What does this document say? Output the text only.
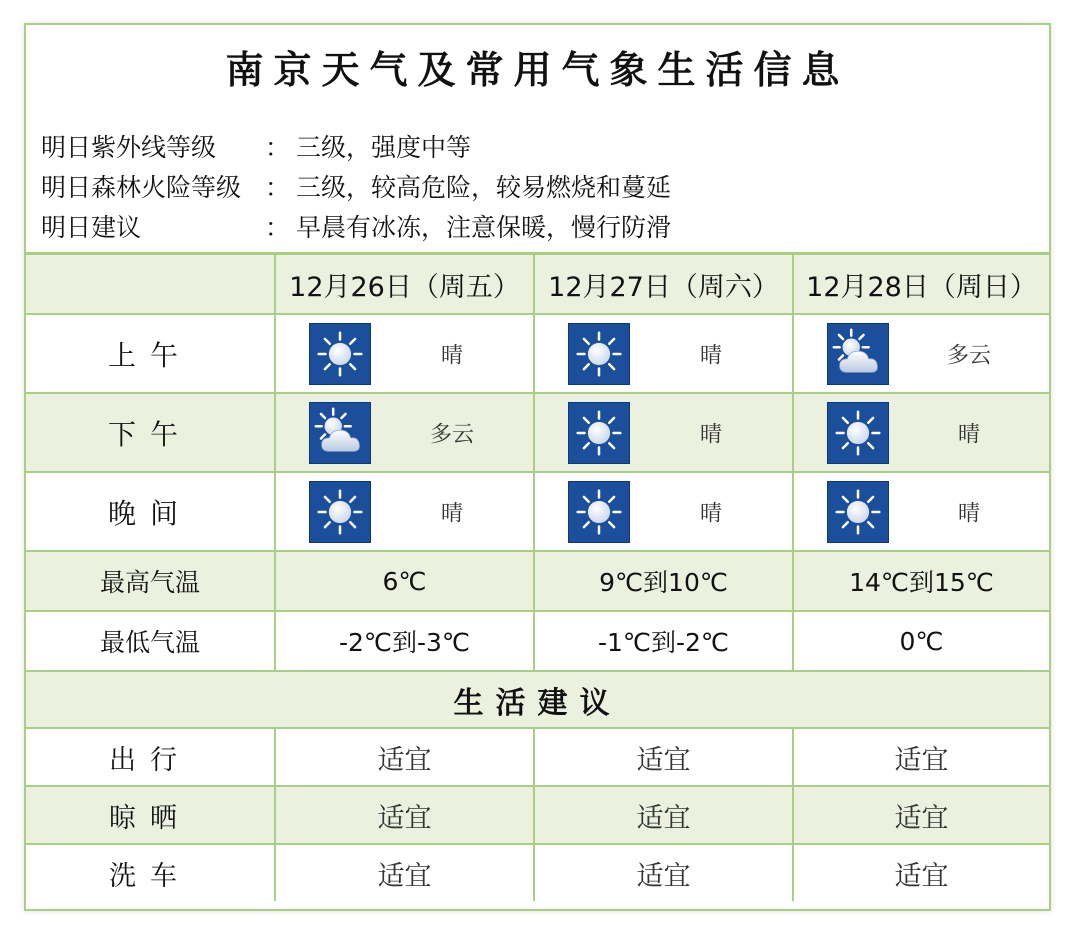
南京天气及常用气象生活信息
明日紫外线等级 ： 三级，强度中等
明日森林火险等级 ： 三级，较高危险，较易燃烧和蔓延
明日建议	： 早晨有冰冻，注意保暖，慢行防滑
	12月26日（周五）	12月27日（周六）	12月28日（周日）
上午	晴	晴	多云

下午	多云	晴	晴

晚间	晴	晴	晴

最高气温	6℃	9℃到10℃	14℃到15℃
最低气温	-2℃到-3℃	-1℃到-2℃	0℃
生活建议			
出行	适宜	适宜	适宜
晾晒	适宜	适宜	适宜
洗车	适宜	适宜	适宜
